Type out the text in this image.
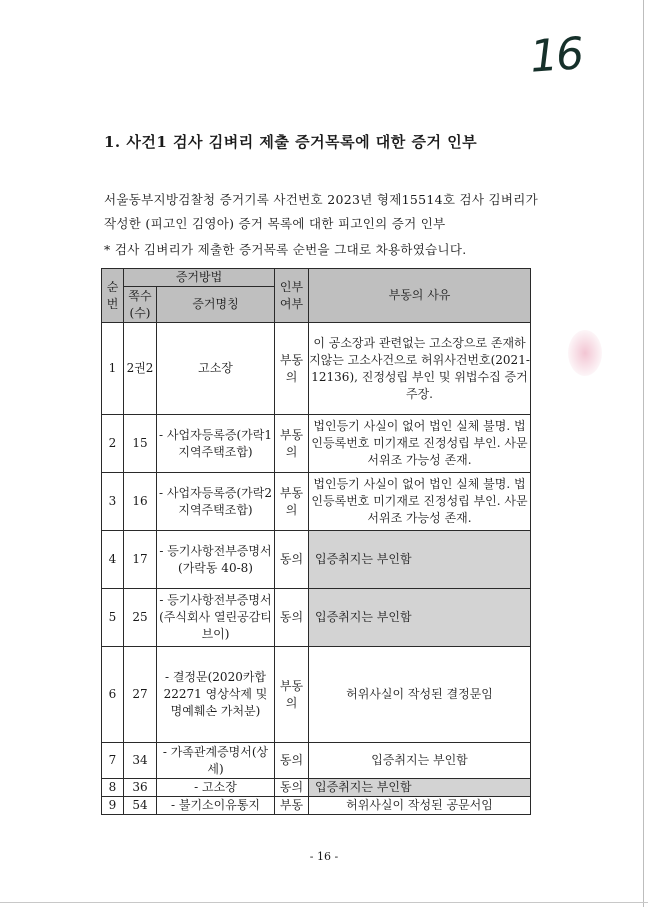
16
1. 사건1 검사 김벼리 제출 증거목록에 대한 증거 인부
서울동부지방검찰청 증거기록 사건번호 2023년 형제15514호 검사 김벼리가
작성한 (피고인 김영아) 증거 목록에 대한 피고인의 증거 인부
* 검사 김벼리가 제출한 증거목록 순번을 그대로 차용하였습니다.
순번	증거방법		인부여부	부동의 사유
	쪽수(수)	증거명칭		
1	2권2	고소장	부동의	이 공소장과 관련없는 고소장으로 존재하지않는 고소사건으로 허위사건번호(2021-12136), 진정성립 부인 및 위법수집 증거 주장.
2	15	- 사업자등록증(가락1지역주택조합)	부동의	법인등기 사실이 없어 법인 실체 불명. 법인등록번호 미기재로 진정성립 부인. 사문서위조 가능성 존재.
3	16	- 사업자등록증(가락2지역주택조합)	부동의	법인등기 사실이 없어 법인 실체 불명. 법인등록번호 미기재로 진정성립 부인. 사문서위조 가능성 존재.
4	17	- 등기사항전부증명서(가락동 40-8)	동의	입증취지는 부인함
5	25	- 등기사항전부증명서(주식회사 열린공감티브이)	동의	입증취지는 부인함
6	27	- 결정문(2020카합22271 영상삭제 및 명예훼손 가처분)	부동의	허위사실이 작성된 결정문임
7	34	- 가족관계증명서(상세)	동의	입증취지는 부인함
8	36	- 고소장	동의	입증취지는 부인함
9	54	- 불기소이유통지	부동	허위사실이 작성된 공문서임
- 16 -
